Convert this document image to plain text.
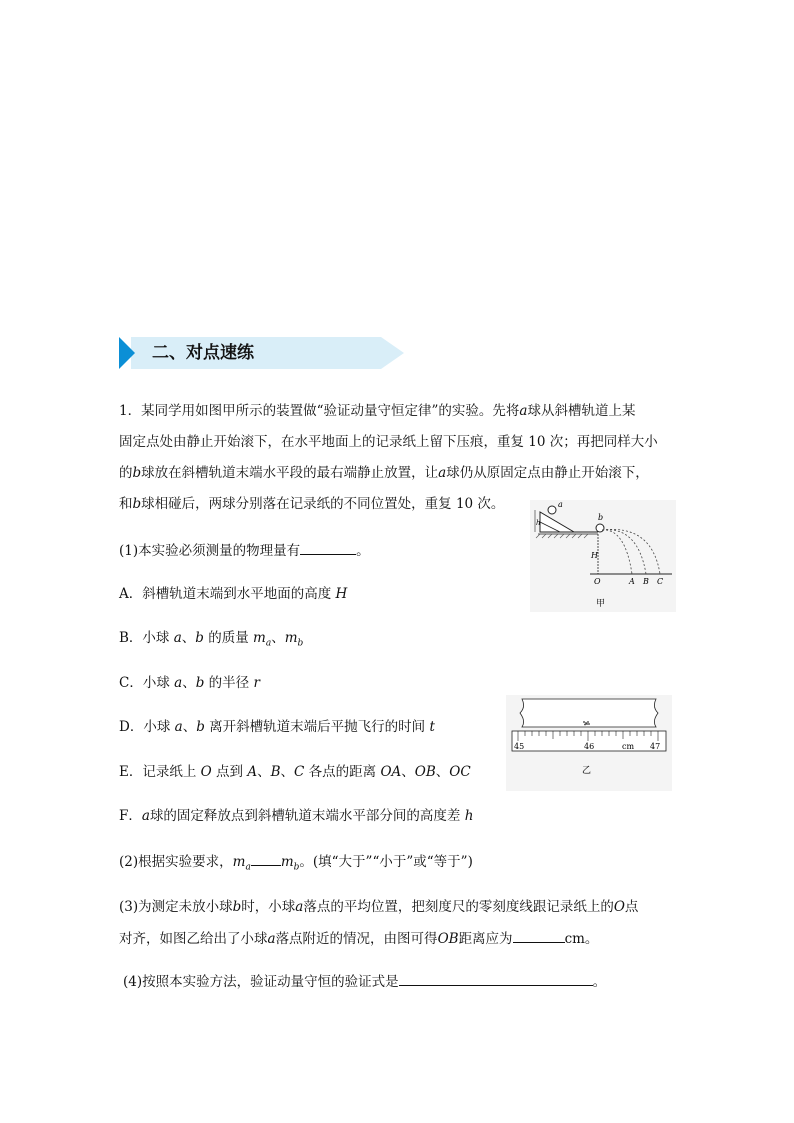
二、对点速练
1．某同学用如图甲所示的装置做“验证动量守恒定律”的实验。先将a球从斜槽轨道上某
固定点处由静止开始滚下，在水平地面上的记录纸上留下压痕，重复 10 次；再把同样大小
的b球放在斜槽轨道末端水平段的最右端静止放置，让a球仍从原固定点由静止开始滚下，
和b球相碰后，两球分别落在记录纸的不同位置处，重复 10 次。
(1)本实验必须测量的物理量有	。
A．斜槽轨道末端到水平地面的高度 H
B．小球 a、b 的质量 $m_a$、$m_b$
C．小球 a、b 的半径 r
D．小球 a、b 离开斜槽轨道末端后平抛飞行的时间 t
E．记录纸上 O 点到 A、B、C 各点的距离 OA、OB、OC
F．a球的固定释放点到斜槽轨道末端水平部分间的高度差 h
(2)根据实验要求，$m_a$ $m_b$。(填“大于”“小于”或“等于”)
(3)为测定未放小球b时，小球a落点的平均位置，把刻度尺的零刻度线跟记录纸上的O点
对齐，如图乙给出了小球a落点附近的情况，由图可得OB距离应为	cm。
(4)按照本实验方法，验证动量守恒的验证式是	。
a
h
b
H
O	A B C
甲
45	46	cm 47
乙
